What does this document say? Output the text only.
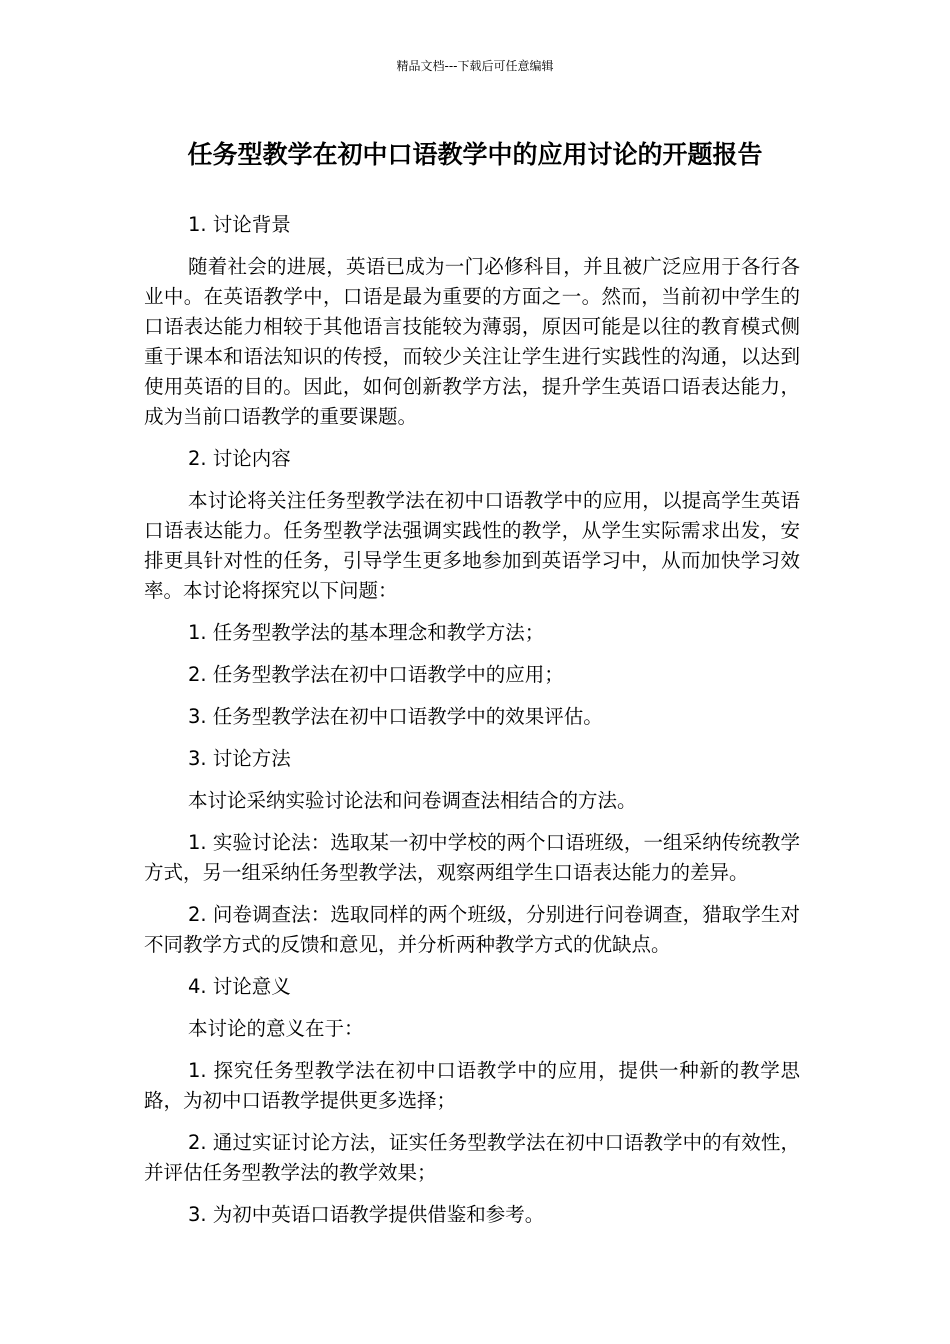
精品文档---下载后可任意编辑
任务型教学在初中口语教学中的应用讨论的开题报告

1. 讨论背景

随着社会的进展，英语已成为一门必修科目，并且被广泛应用于各行各业中。在英语教学中，口语是最为重要的方面之一。然而，当前初中学生的口语表达能力相较于其他语言技能较为薄弱，原因可能是以往的教育模式侧重于课本和语法知识的传授，而较少关注让学生进行实践性的沟通，以达到使用英语的目的。因此，如何创新教学方法，提升学生英语口语表达能力，成为当前口语教学的重要课题。

2. 讨论内容

本讨论将关注任务型教学法在初中口语教学中的应用，以提高学生英语口语表达能力。任务型教学法强调实践性的教学，从学生实际需求出发，安排更具针对性的任务，引导学生更多地参加到英语学习中，从而加快学习效率。本讨论将探究以下问题：

1. 任务型教学法的基本理念和教学方法；

2. 任务型教学法在初中口语教学中的应用；

3. 任务型教学法在初中口语教学中的效果评估。

3. 讨论方法

本讨论采纳实验讨论法和问卷调查法相结合的方法。

1. 实验讨论法：选取某一初中学校的两个口语班级，一组采纳传统教学方式，另一组采纳任务型教学法，观察两组学生口语表达能力的差异。

2. 问卷调查法：选取同样的两个班级，分别进行问卷调查，猎取学生对不同教学方式的反馈和意见，并分析两种教学方式的优缺点。

4. 讨论意义

本讨论的意义在于：

1. 探究任务型教学法在初中口语教学中的应用，提供一种新的教学思路，为初中口语教学提供更多选择；

2. 通过实证讨论方法，证实任务型教学法在初中口语教学中的有效性，并评估任务型教学法的教学效果；

3. 为初中英语口语教学提供借鉴和参考。
